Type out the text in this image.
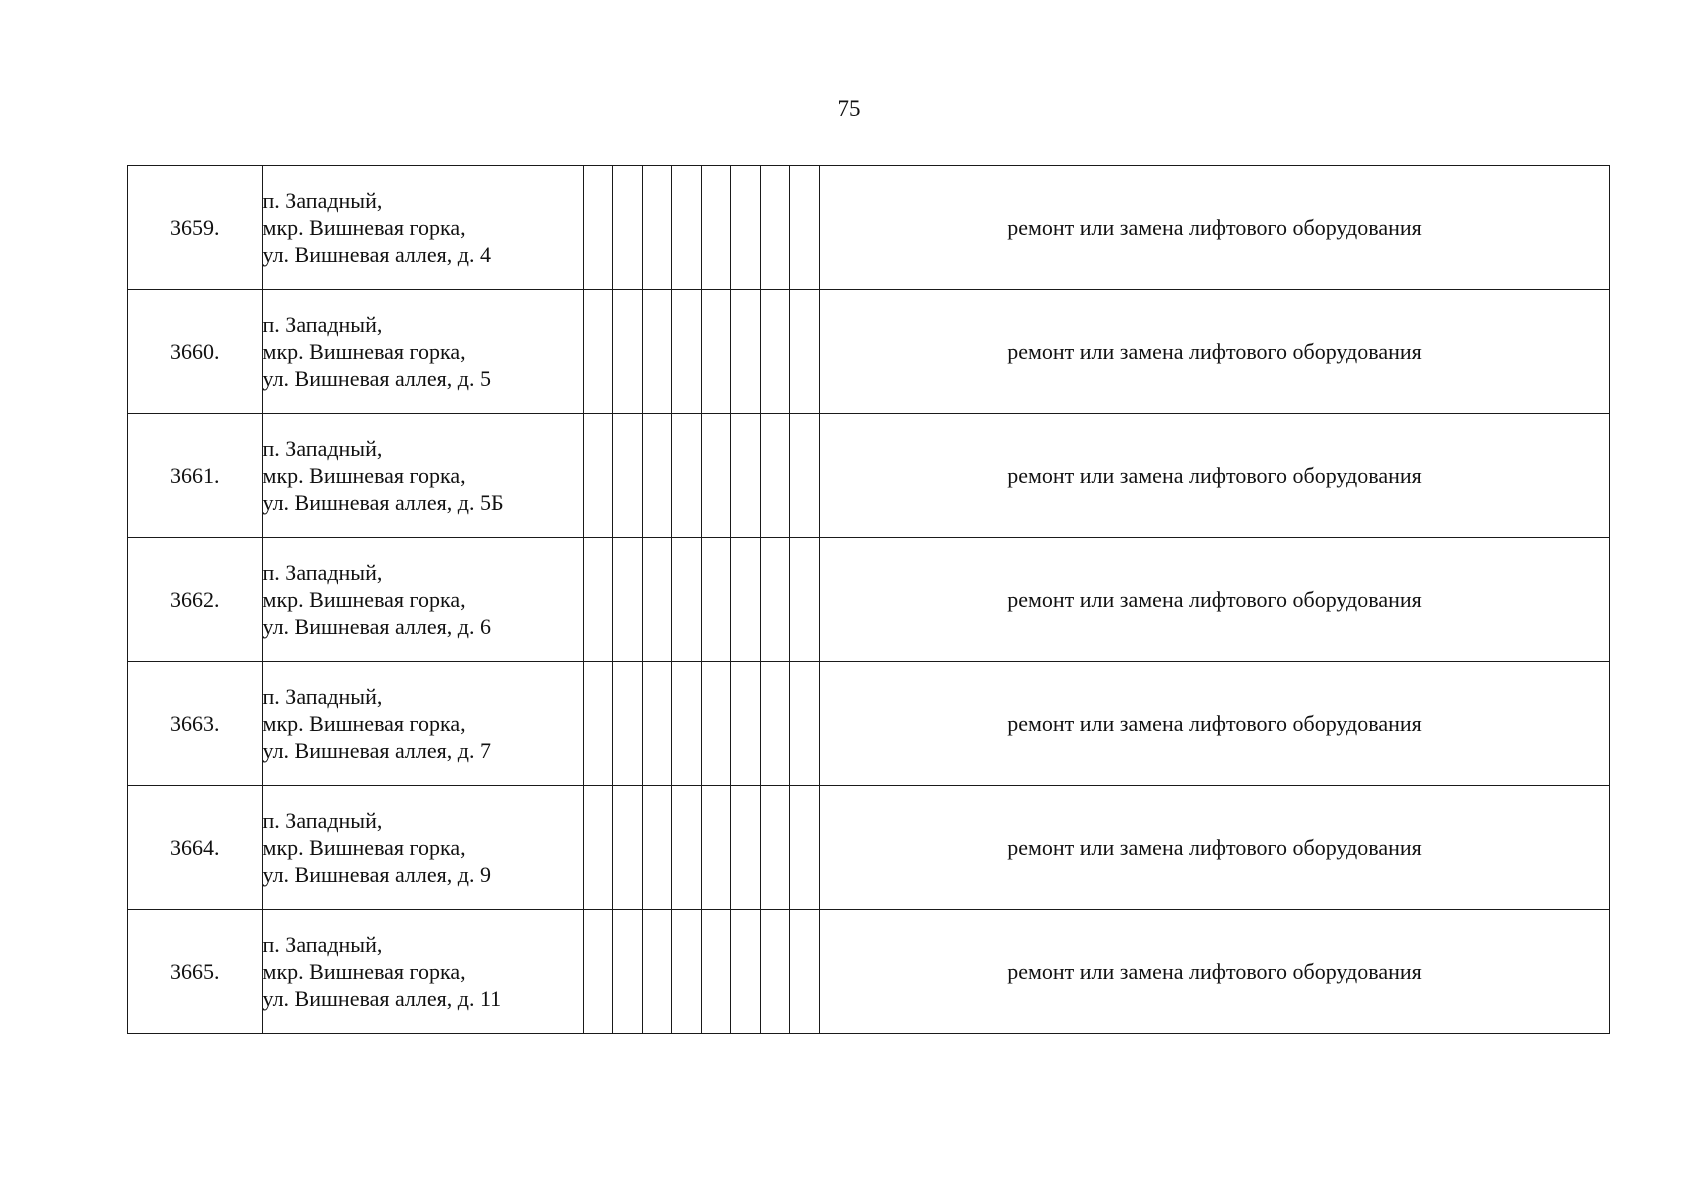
75
3659.	п. Западный,
мкр. Вишневая горка,
ул. Вишневая аллея, д. 4									ремонт или замена лифтового оборудования
3660.	п. Западный,
мкр. Вишневая горка,
ул. Вишневая аллея, д. 5									ремонт или замена лифтового оборудования
3661.	п. Западный,
мкр. Вишневая горка,
ул. Вишневая аллея, д. 5Б									ремонт или замена лифтового оборудования
3662.	п. Западный,
мкр. Вишневая горка,
ул. Вишневая аллея, д. 6									ремонт или замена лифтового оборудования
3663.	п. Западный,
мкр. Вишневая горка,
ул. Вишневая аллея, д. 7									ремонт или замена лифтового оборудования
3664.	п. Западный,
мкр. Вишневая горка,
ул. Вишневая аллея, д. 9									ремонт или замена лифтового оборудования
3665.	п. Западный,
мкр. Вишневая горка,
ул. Вишневая аллея, д. 11									ремонт или замена лифтового оборудования
